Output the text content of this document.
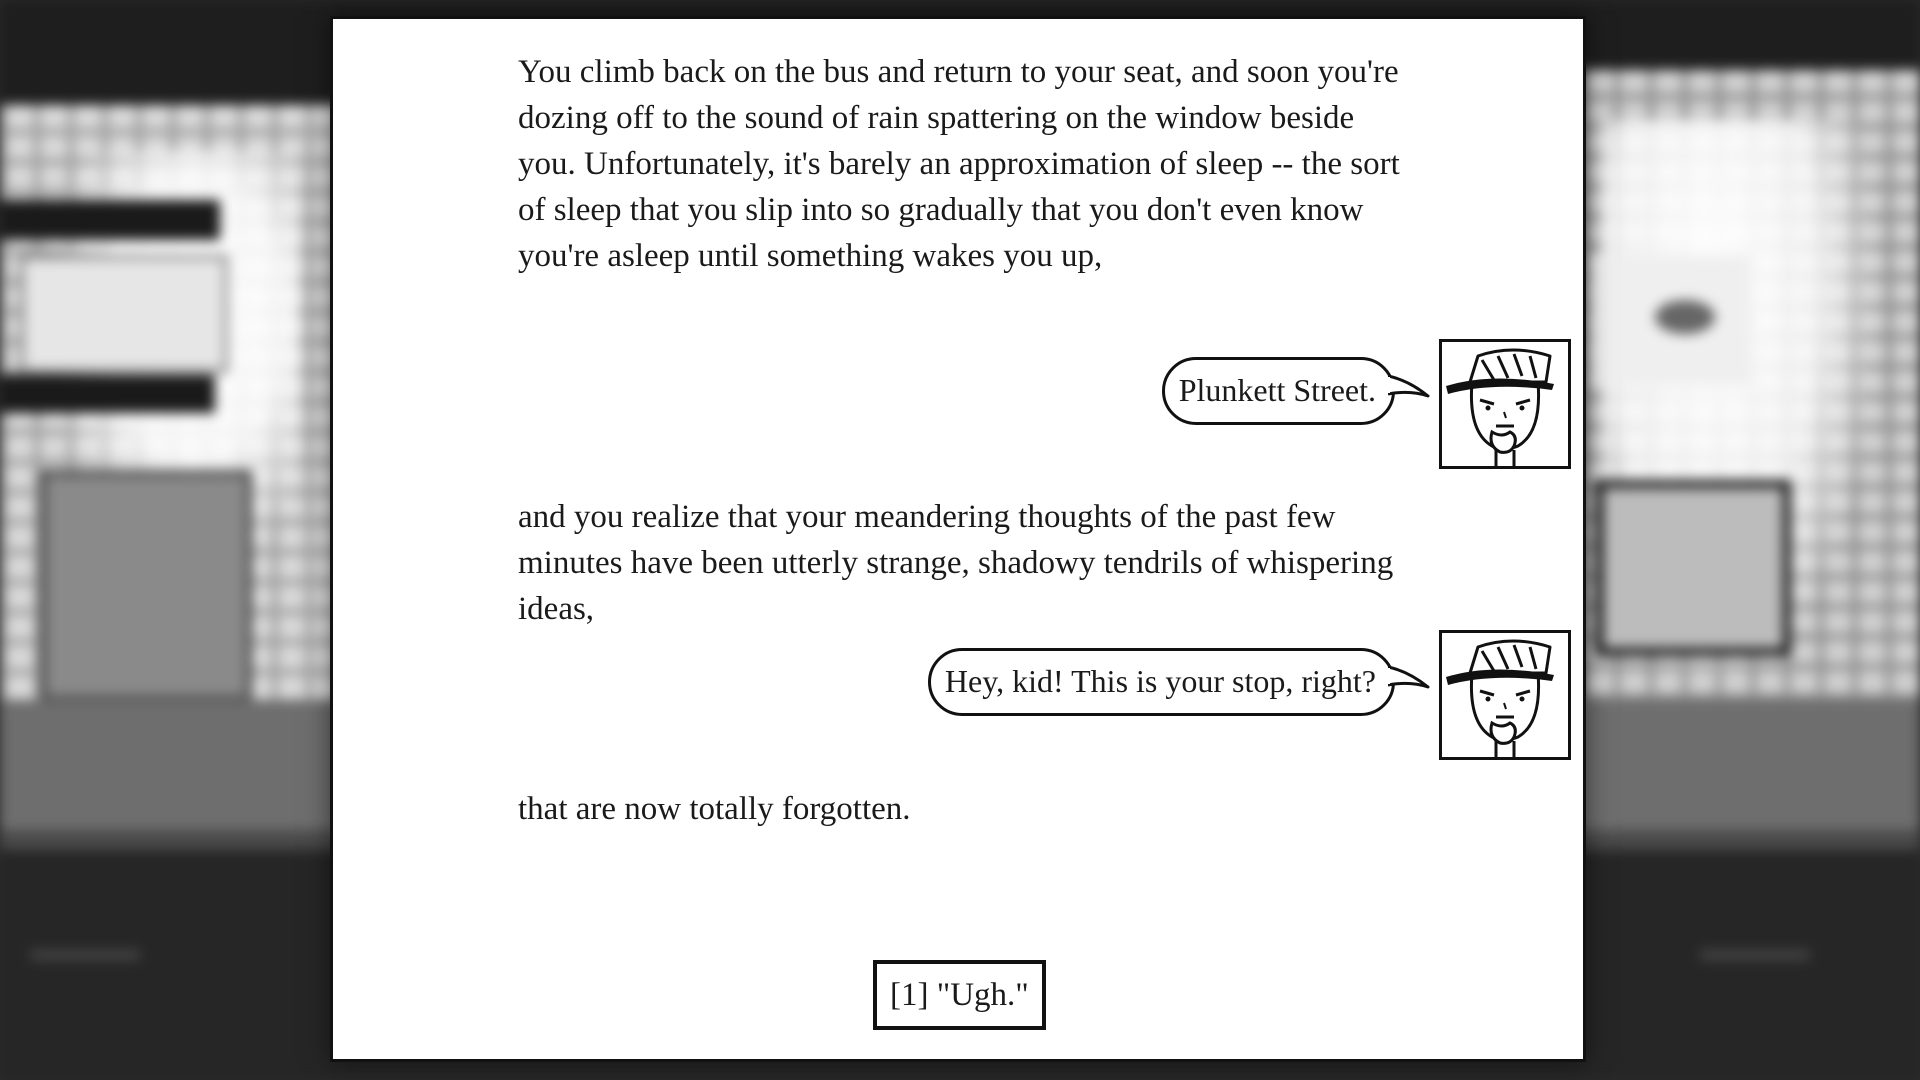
You climb back on the bus and return to your seat, and soon you're dozing off to the sound of rain spattering on the window beside you. Unfortunately, it's barely an approximation of sleep -- the sort of sleep that you slip into so gradually that you don't even know you're asleep until something wakes you up,

Plunkett Street.

and you realize that your meandering thoughts of the past few minutes have been utterly strange, shadowy tendrils of whispering ideas,

Hey, kid! This is your stop, right?

that are now totally forgotten.

[1] "Ugh."
